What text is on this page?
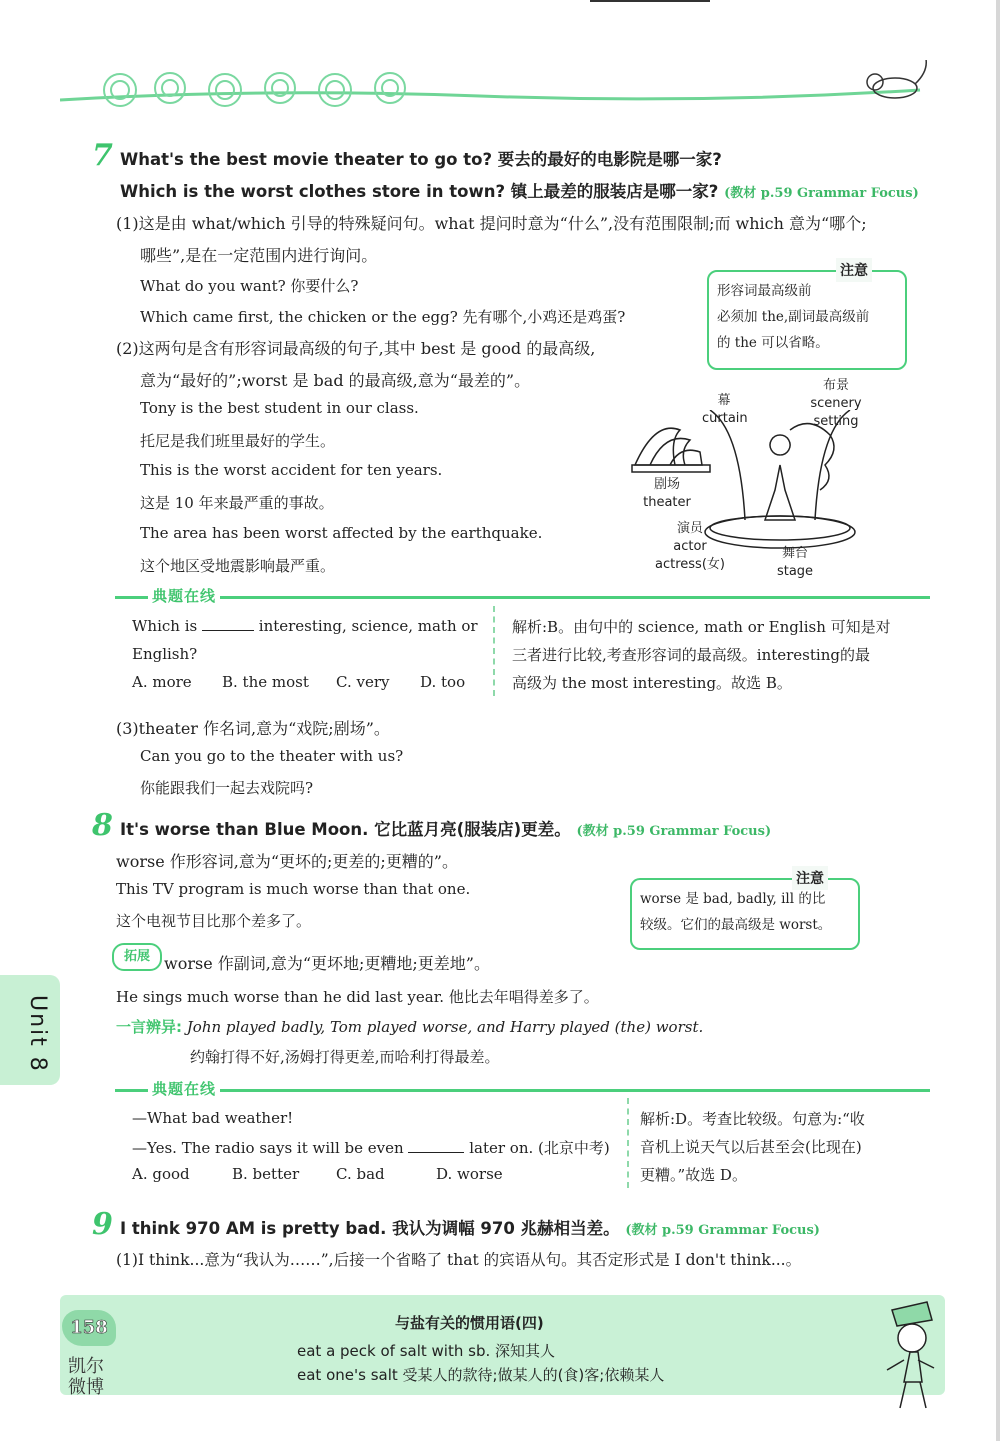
7 What's the best movie theater to go to? 要去的最好的电影院是哪一家?
Which is the worst clothes store in town? 镇上最差的服装店是哪一家? (教材 p.59 Grammar Focus)
(1)这是由 what/which 引导的特殊疑问句。what 提问时意为“什么”,没有范围限制;而 which 意为“哪个;
哪些”,是在一定范围内进行询问。
What do you want? 你要什么?
Which came first, the chicken or the egg? 先有哪个,小鸡还是鸡蛋?
形容词最高级前
必须加 the,副词最高级前
的 the 可以省略。
注意
(2)这两句是含有形容词最高级的句子,其中 best 是 good 的最高级,
意为“最好的”;worst 是 bad 的最高级,意为“最差的”。
Tony is the best student in our class.
托尼是我们班里最好的学生。
This is the worst accident for ten years.
这是 10 年来最严重的事故。
The area has been worst affected by the earthquake.
这个地区受地震影响最严重。
幕
curtain
布景
scenery setting
剧场
theater
演员
actor
actress(女)
舞台
stage
典题在线
Which is	interesting, science, math or
English?
A. more B. the most C. very D. too
解析:B。由句中的 science, math or English 可知是对
三者进行比较,考查形容词的最高级。interesting的最
高级为 the most interesting。故选 B。
(3)theater 作名词,意为“戏院;剧场”。
Can you go to the theater with us?
你能跟我们一起去戏院吗?
8 It's worse than Blue Moon. 它比蓝月亮(服装店)更差。 (教材 p.59 Grammar Focus)
worse 作形容词,意为“更坏的;更差的;更糟的”。
This TV program is much worse than that one.
这个电视节目比那个差多了。
worse 是 bad, badly, ill 的比
较级。它们的最高级是 worst。
注意
拓展 worse 作副词,意为“更坏地;更糟地;更差地”。
He sings much worse than he did last year. 他比去年唱得差多了。
一言辨异: John played badly, Tom played worse, and Harry played (the) worst.
约翰打得不好,汤姆打得更差,而哈利打得最差。
典题在线
—What bad weather!
—Yes. The radio says it will be even	later on. (北京中考)
A. good	B. better C. bad	D. worse
解析:D。考查比较级。句意为:“收
音机上说天气以后甚至会(比现在)
更糟。”故选 D。
9 I think 970 AM is pretty bad. 我认为调幅 970 兆赫相当差。 (教材 p.59 Grammar Focus)
(1)I think...意为“我认为……”,后接一个省略了 that 的宾语从句。其否定形式是 I don't think...。
Unit 8
158
凯尔
微博
与盐有关的惯用语(四)
eat a peck of salt with sb. 深知其人
eat one's salt 受某人的款待;做某人的(食)客;依赖某人
